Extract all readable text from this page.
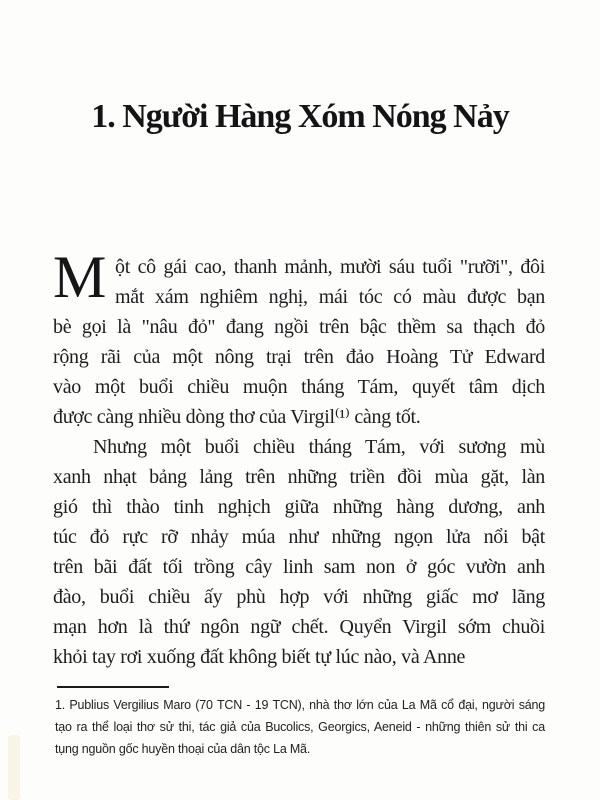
1. Người Hàng Xóm Nóng Nảy
M ột cô gái cao, thanh mảnh, mười sáu tuổi "rưỡi", đôi
mắt xám nghiêm nghị, mái tóc có màu được bạn
bè gọi là "nâu đỏ" đang ngồi trên bậc thềm sa thạch đỏ
rộng rãi của một nông trại trên đảo Hoàng Tử Edward
vào một buổi chiều muộn tháng Tám, quyết tâm dịch
được càng nhiều dòng thơ của Virgil⁽¹⁾ càng tốt.
Nhưng một buổi chiều tháng Tám, với sương mù
xanh nhạt bảng lảng trên những triền đồi mùa gặt, làn
gió thì thào tinh nghịch giữa những hàng dương, anh
túc đỏ rực rỡ nhảy múa như những ngọn lửa nổi bật
trên bãi đất tối trồng cây linh sam non ở góc vườn anh
đào, buổi chiều ấy phù hợp với những giấc mơ lãng
mạn hơn là thứ ngôn ngữ chết. Quyển Virgil sớm chuồi
khỏi tay rơi xuống đất không biết tự lúc nào, và Anne
1. Publius Vergilius Maro (70 TCN - 19 TCN), nhà thơ lớn của La Mã cổ đại, người sáng
tạo ra thể loại thơ sử thi, tác giả của Bucolics, Georgics, Aeneid - những thiên sử thi ca
tụng nguồn gốc huyền thoại của dân tộc La Mã.
